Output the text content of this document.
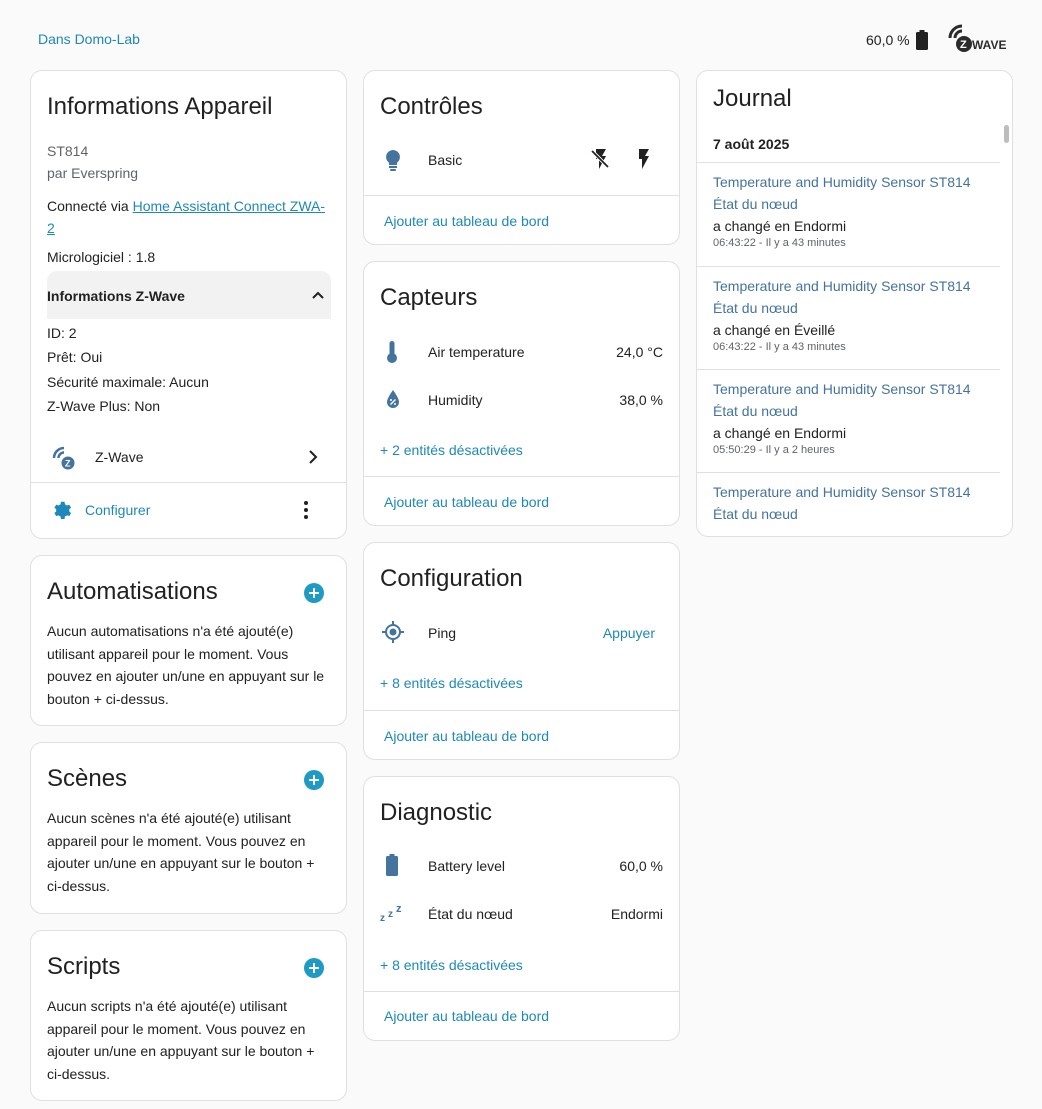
Dans Domo-Lab	60,0 %	Z WAVE
Informations Appareil
ST814
par Everspring
Connecté via Home Assistant Connect ZWA-
2
Micrologiciel : 1.8
Informations Z-Wave
ID: 2
Prêt: Oui
Sécurité maximale: Aucun
Z-Wave Plus: Non
Z Z-Wave
Configurer
Automatisations
Aucun automatisations n'a été ajouté(e) utilisant appareil pour le moment. Vous pouvez en ajouter un/une en appuyant sur le bouton + ci-dessus.
Scènes
Aucun scènes n'a été ajouté(e) utilisant appareil pour le moment. Vous pouvez en ajouter un/une en appuyant sur le bouton + ci-dessus.
Scripts
Aucun scripts n'a été ajouté(e) utilisant appareil pour le moment. Vous pouvez en ajouter un/une en appuyant sur le bouton + ci-dessus.
Contrôles
Basic
Ajouter au tableau de bord
Capteurs
Air temperature	24,0 °C
Humidity	38,0 %
+ 2 entités désactivées
Ajouter au tableau de bord
Configuration
Ping	Appuyer
+ 8 entités désactivées
Ajouter au tableau de bord
Diagnostic
Battery level	60,0 %
z z z État du nœud	Endormi
+ 8 entités désactivées
Ajouter au tableau de bord
Journal
7 août 2025
Temperature and Humidity Sensor ST814
État du nœud
a changé en Endormi
06:43:22 - Il y a 43 minutes
Temperature and Humidity Sensor ST814
État du nœud
a changé en Éveillé
06:43:22 - Il y a 43 minutes
Temperature and Humidity Sensor ST814
État du nœud
a changé en Endormi
05:50:29 - Il y a 2 heures
Temperature and Humidity Sensor ST814
État du nœud
